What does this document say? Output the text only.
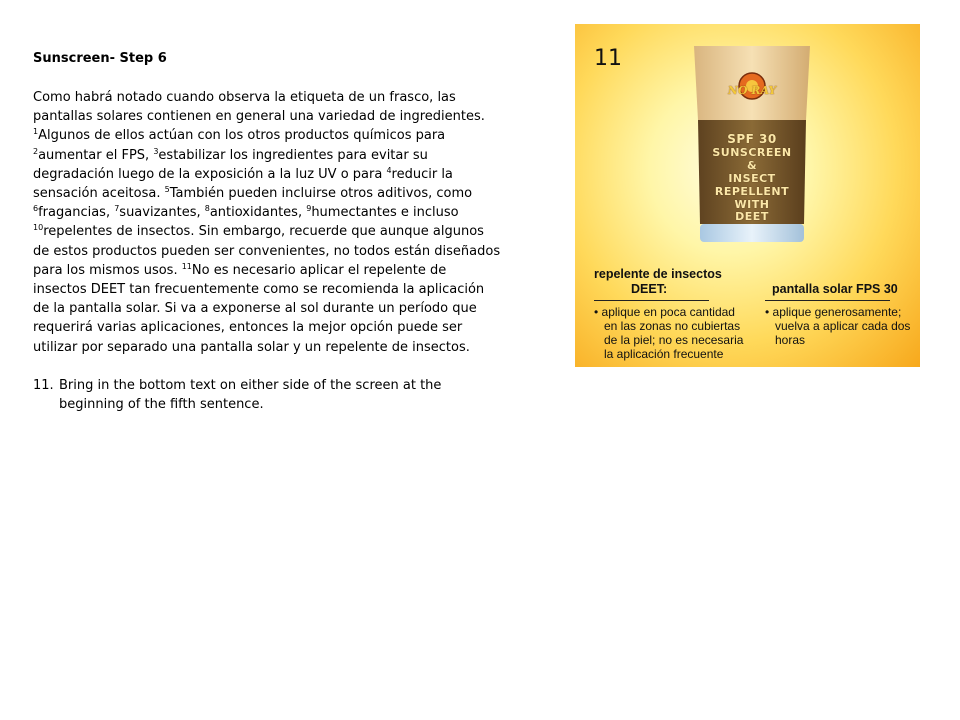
Sunscreen- Step 6

Como habrá notado cuando observa la etiqueta de un frasco, las pantallas solares contienen en general una variedad de ingredientes. $^1$Algunos de ellos actúan con los otros productos químicos para $^2$aumentar el FPS, $^3$estabilizar los ingredientes para evitar su degradación luego de la exposición a la luz UV o para $^4$reducir la sensación aceitosa. $^5$También pueden incluirse otros aditivos, como $^6$fragancias, $^7$suavizantes, $^8$antioxidantes, $^9$humectantes e incluso $^{10}$repelentes de insectos. Sin embargo, recuerde que aunque algunos de estos productos pueden ser convenientes, no todos están diseñados para los mismos usos. $^{11}$No es necesario aplicar el repelente de insectos DEET tan frecuentemente como se recomienda la aplicación de la pantalla solar. Si va a exponerse al sol durante un período que requerirá varias aplicaciones, entonces la mejor opción puede ser utilizar por separado una pantalla solar y un repelente de insectos.

11. Bring in the bottom text on either side of the screen at the beginning of the fifth sentence.
11
NO RAY
SPF 30
SUNSCREEN
&
INSECT
REPELLENT
WITH
DEET
repelente de insectos
DEET:
• aplique en poca cantidad
en las zonas no cubiertas
de la piel; no es necesaria
la aplicación frecuente
pantalla solar FPS 30
• aplique generosamente;
vuelva a aplicar cada dos
horas
